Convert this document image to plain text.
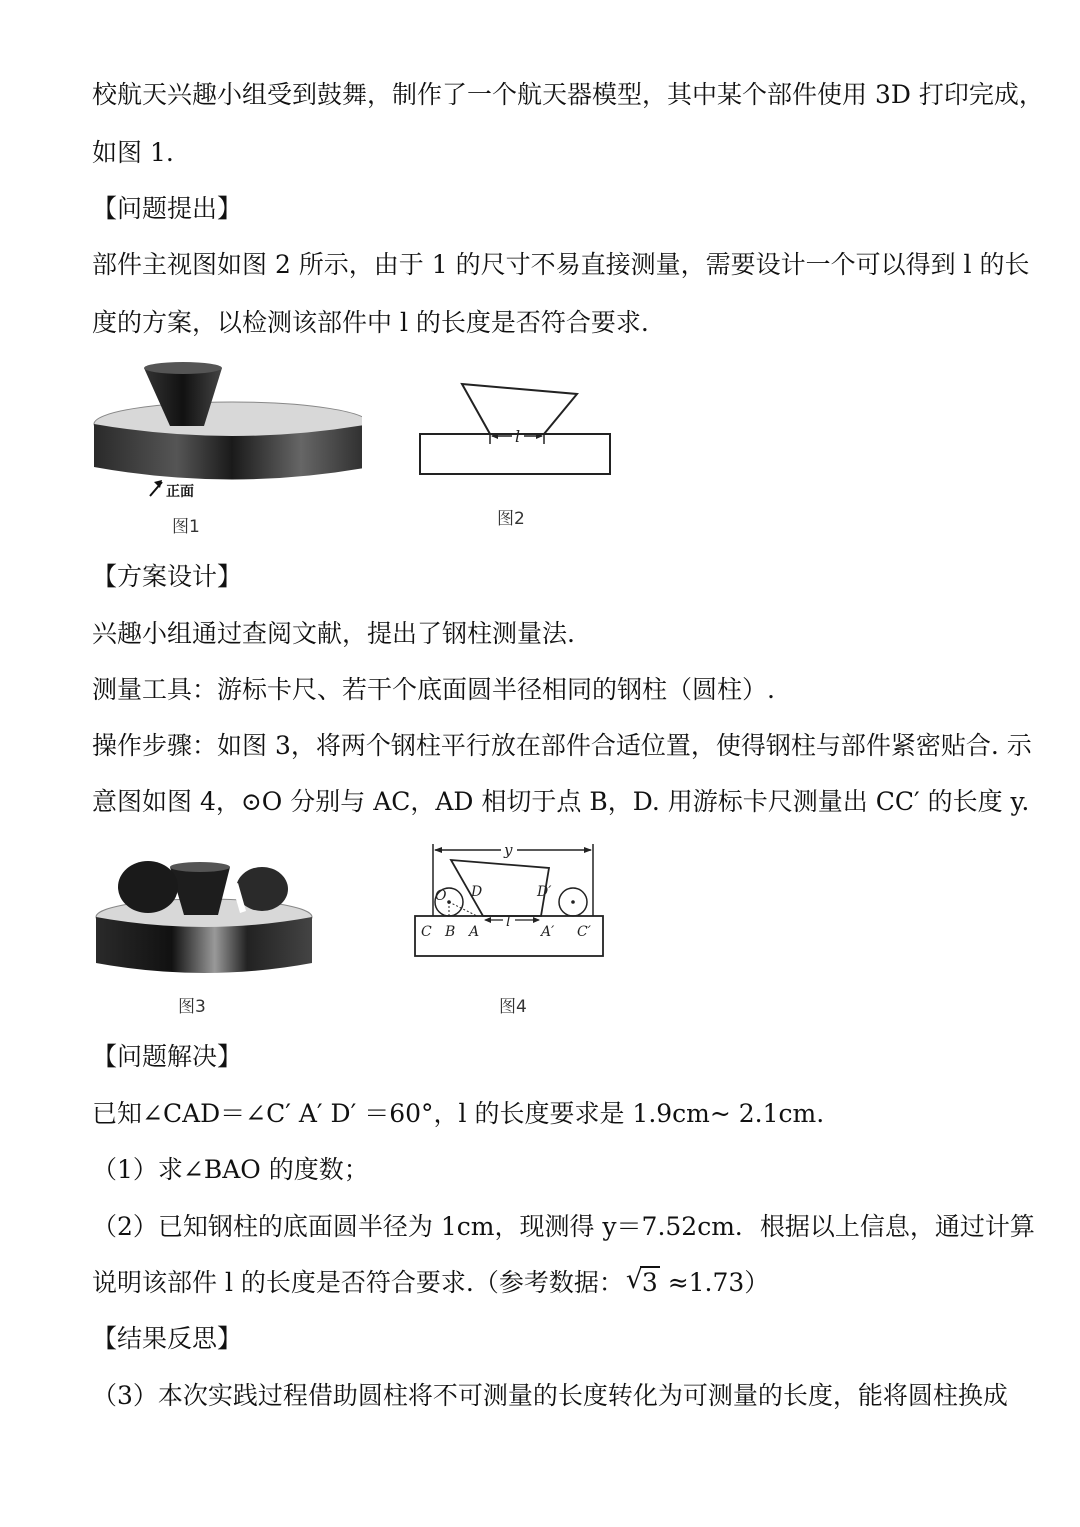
校航天兴趣小组受到鼓舞，制作了一个航天器模型，其中某个部件使用 3D 打印完成，
如图 1.
【问题提出】
部件主视图如图 2 所示，由于 1 的尺寸不易直接测量，需要设计一个可以得到 l 的长
度的方案，以检测该部件中 l 的长度是否符合要求.
正面
图1
l
图2
【方案设计】
兴趣小组通过查阅文献，提出了钢柱测量法.
测量工具：游标卡尺、若干个底面圆半径相同的钢柱（圆柱）.
操作步骤：如图 3，将两个钢柱平行放在部件合适位置，使得钢柱与部件紧密贴合. 示
意图如图 4，⊙O 分别与 AC，AD 相切于点 B，D. 用游标卡尺测量出 CC′ 的长度 y.
图3
y
l
O D	D′
C B A	A′ C′
图4
【问题解决】
已知∠CAD＝∠C′ A′ D′ ＝60°，l 的长度要求是 1.9cm~ 2.1cm.
（1）求∠BAO 的度数；
（2）已知钢柱的底面圆半径为 1cm，现测得 y＝7.52cm．根据以上信息，通过计算
说明该部件 l 的长度是否符合要求.（参考数据： √
3 ≈1.73）
【结果反思】
（3）本次实践过程借助圆柱将不可测量的长度转化为可测量的长度，能将圆柱换成
